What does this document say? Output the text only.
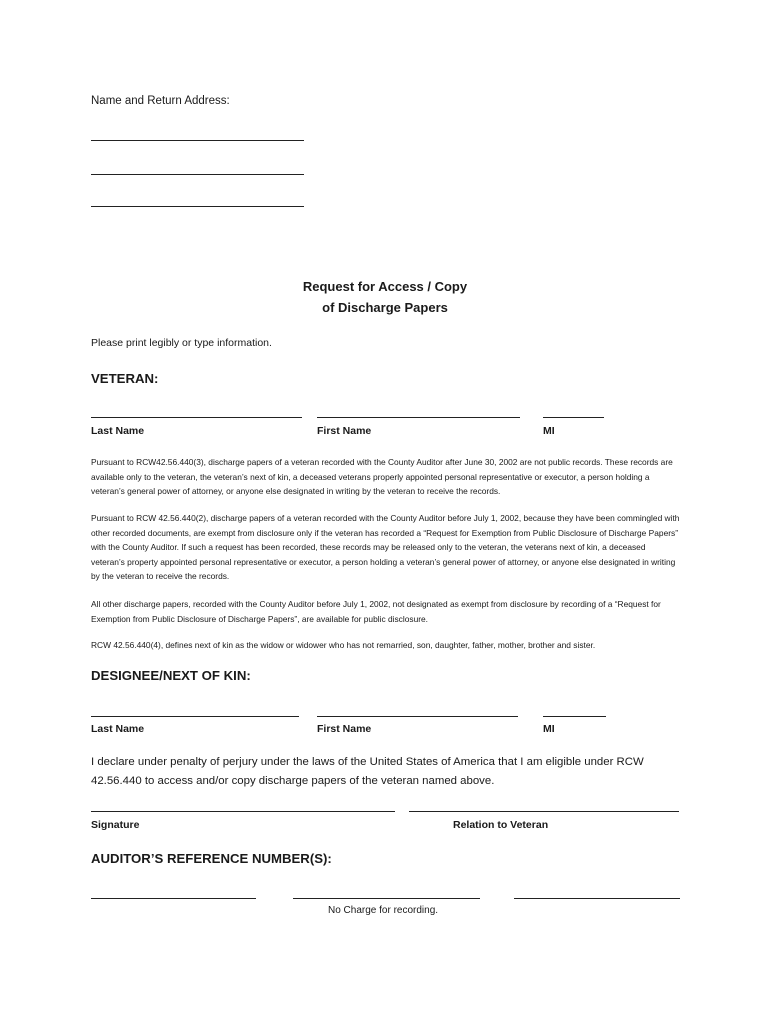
Name and Return Address:
Request for Access / Copy
of Discharge Papers
Please print legibly or type information.
VETERAN:
Last Name	First Name	MI
Pursuant to RCW42.56.440(3), discharge papers of a veteran recorded with the County Auditor after June 30, 2002 are not public records. These records are available only to the veteran, the veteran’s next of kin, a deceased veterans properly appointed personal representative or executor, a person holding a veteran’s general power of attorney, or anyone else designated in writing by the veteran to receive the records.
Pursuant to RCW 42.56.440(2), discharge papers of a veteran recorded with the County Auditor before July 1, 2002, because they have been commingled with other recorded documents, are exempt from disclosure only if the veteran has recorded a “Request for Exemption from Public Disclosure of Discharge Papers” with the County Auditor. If such a request has been recorded, these records may be released only to the veteran, the veterans next of kin, a deceased veteran’s property appointed personal representative or executor, a person holding a veteran’s general power of attorney, or anyone else designated in writing by the veteran to receive the records.
All other discharge papers, recorded with the County Auditor before July 1, 2002, not designated as exempt from disclosure by recording of a “Request for Exemption from Public Disclosure of Discharge Papers”, are available for public disclosure.
RCW 42.56.440(4), defines next of kin as the widow or widower who has not remarried, son, daughter, father, mother, brother and sister.
DESIGNEE/NEXT OF KIN:
Last Name	First Name	MI
I declare under penalty of perjury under the laws of the United States of America that I am eligible under RCW 42.56.440 to access and/or copy discharge papers of the veteran named above.
Signature	Relation to Veteran
AUDITOR’S REFERENCE NUMBER(S):
No Charge for recording.
